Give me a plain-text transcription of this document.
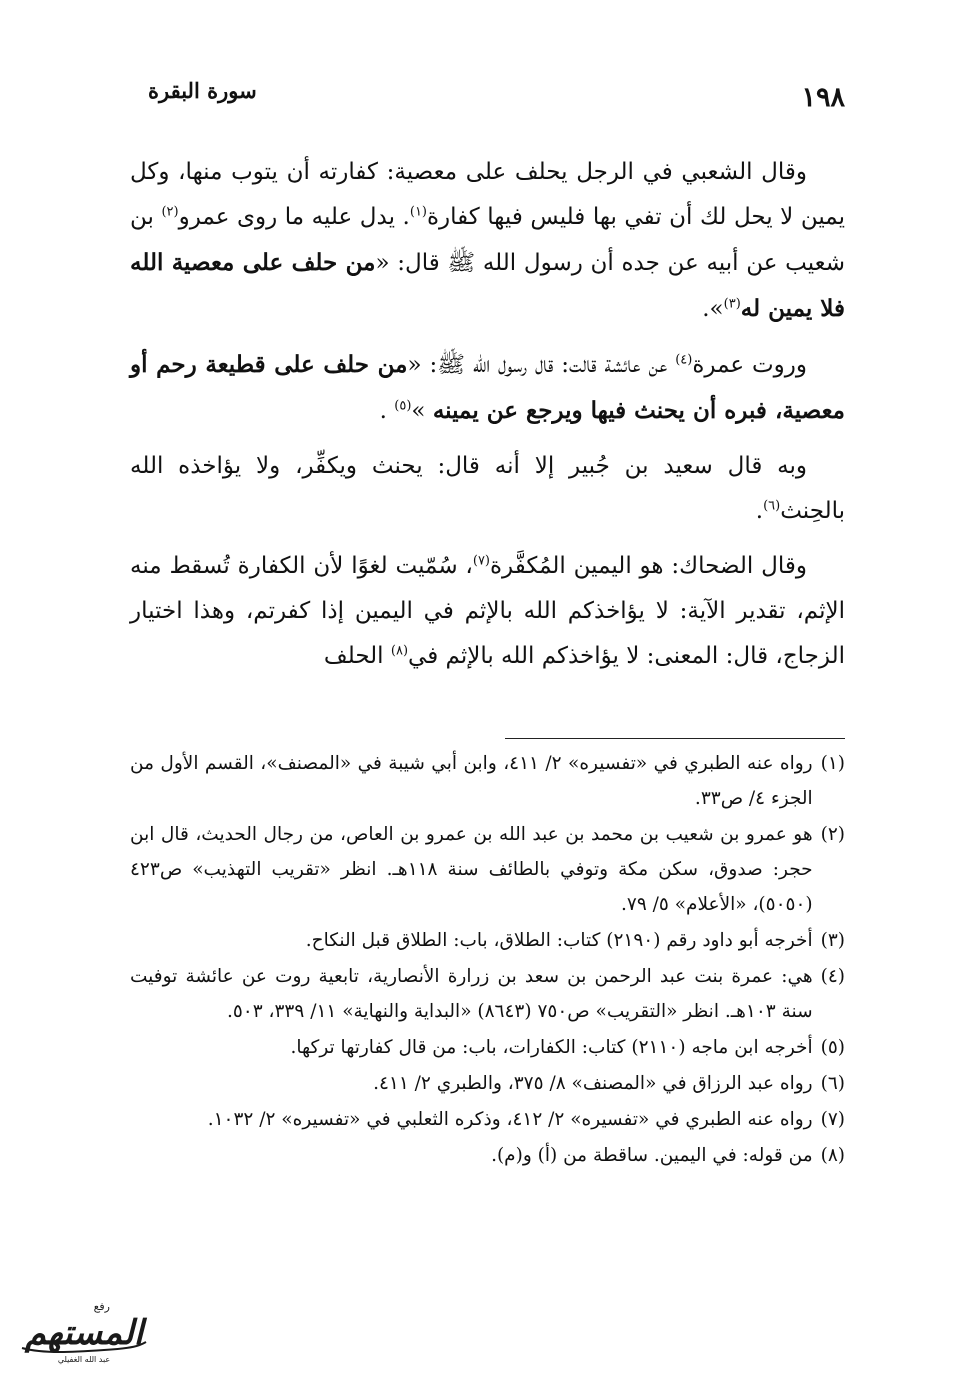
١٩٨
سورة البقرة

وقال الشعبي في الرجل يحلف على معصية: كفارته أن يتوب منها، وكل يمين لا يحل لك أن تفي بها فليس فيها كفارة$^{(١)}$. يدل عليه ما روى عمرو$^{(٢)}$ بن شعيب عن أبيه عن جده أن رسول الله ﷺ قال: «من حلف على معصية الله فلا يمين له$^{(٣)}$».

وروت عمرة$^{(٤)}$ عن عائشة قالت: قال رسول الله ﷺ: «من حلف على قطيعة رحم أو معصية، فبره أن يحنث فيها ويرجع عن يمينه »$^{(٥)}$ .

وبه قال سعيد بن جُبير إلا أنه قال: يحنث ويكفِّر، ولا يؤاخذه الله بالحِنث$^{(٦)}$.

وقال الضحاك: هو اليمين المُكفَّرة$^{(٧)}$، سُمّيت لغوًا لأن الكفارة تُسقط منه الإثم، تقدير الآية: لا يؤاخذكم الله بالإثم في اليمين إذا كفرتم، وهذا اختيار الزجاج، قال: المعنى: لا يؤاخذكم الله بالإثم في$^{(٨)}$ الحلف

(١)
رواه عنه الطبري في «تفسيره» ٢/ ٤١١، وابن أبي شيبة في «المصنف»، القسم الأول من الجزء ٤/ ص٣٣.
(٢)
هو عمرو بن شعيب بن محمد بن عبد الله بن عمرو بن العاص، من رجال الحديث، قال ابن حجر: صدوق، سكن مكة وتوفي بالطائف سنة ١١٨هـ. انظر «تقريب التهذيب» ص٤٢٣ (٥٠٥٠)، «الأعلام» ٥/ ٧٩.
(٣)
أخرجه أبو داود رقم (٢١٩٠) كتاب: الطلاق، باب: الطلاق قبل النكاح.
(٤)
هي: عمرة بنت عبد الرحمن بن سعد بن زرارة الأنصارية، تابعية روت عن عائشة توفيت سنة ١٠٣هـ. انظر «التقريب» ص٧٥٠ (٨٦٤٣) «البداية والنهاية» ١١/ ٣٣٩، ٥٠٣.
(٥)
أخرجه ابن ماجه (٢١١٠) كتاب: الكفارات، باب: من قال كفارتها تركها.
(٦)
رواه عبد الرزاق في «المصنف» ٨/ ٣٧٥، والطبري ٢/ ٤١١.
(٧)
رواه عنه الطبري في «تفسيره» ٢/ ٤١٢، وذكره الثعلبي في «تفسيره» ٢/ ١٠٣٢.
(٨)
من قوله: في اليمين. ساقطة من (أ) و(م).
رفع
المستهم
عبد الله الغفيلي
